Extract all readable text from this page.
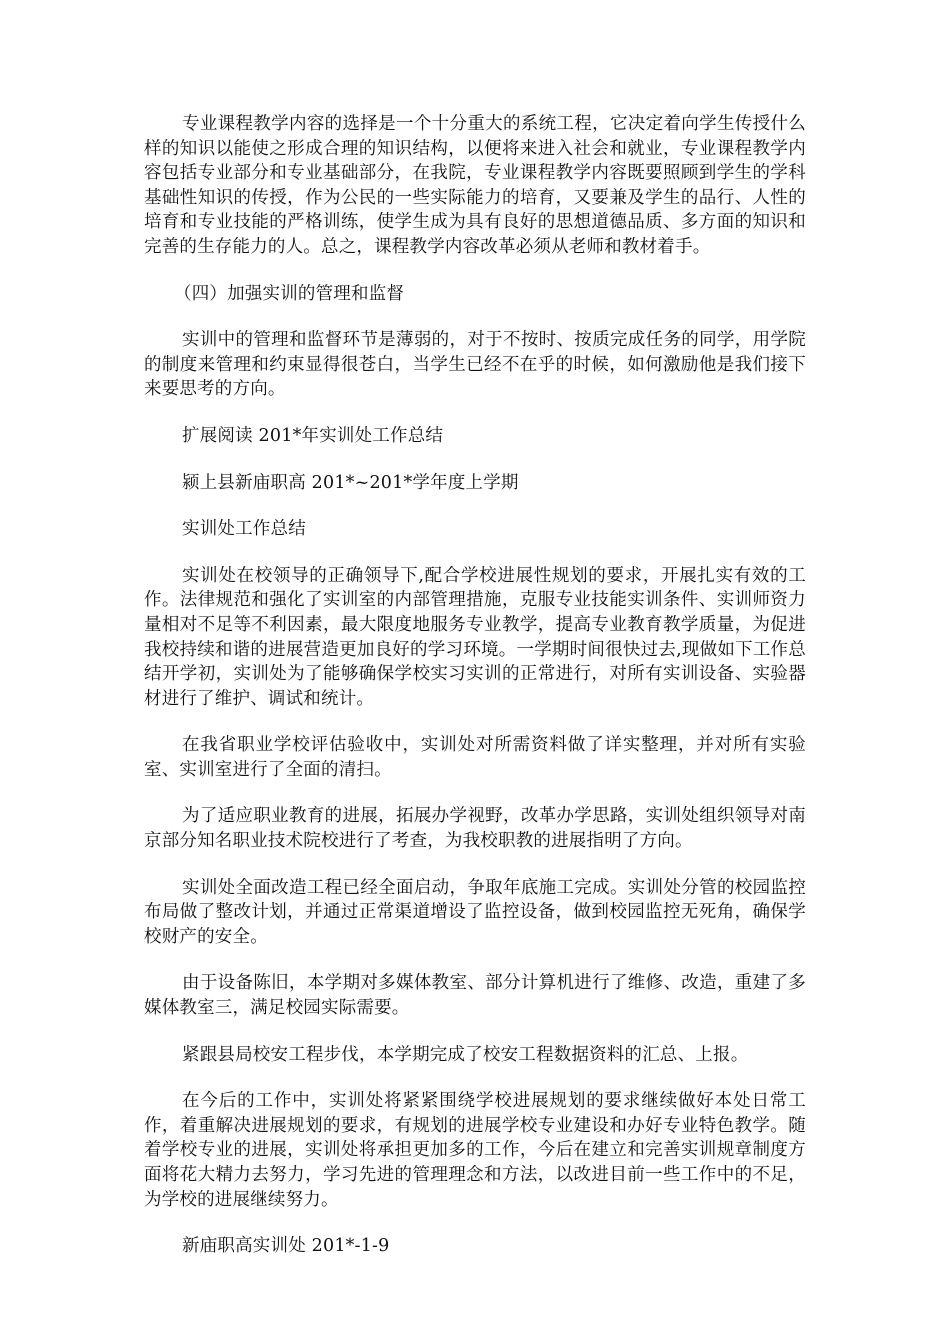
专业课程教学内容的选择是一个十分重大的系统工程，它决定着向学生传授什么样的知识以能使之形成合理的知识结构，以便将来进入社会和就业，专业课程教学内容包括专业部分和专业基础部分，在我院，专业课程教学内容既要照顾到学生的学科基础性知识的传授，作为公民的一些实际能力的培育，又要兼及学生的品行、人性的培育和专业技能的严格训练，使学生成为具有良好的思想道德品质、多方面的知识和完善的生存能力的人。总之，课程教学内容改革必须从老师和教材着手。

（四）加强实训的管理和监督

实训中的管理和监督环节是薄弱的，对于不按时、按质完成任务的同学，用学院的制度来管理和约束显得很苍白，当学生已经不在乎的时候，如何激励他是我们接下来要思考的方向。

扩展阅读 201*年实训处工作总结

颍上县新庙职高 201*~201*学年度上学期

实训处工作总结

实训处在校领导的正确领导下,配合学校进展性规划的要求，开展扎实有效的工作。法律规范和强化了实训室的内部管理措施，克服专业技能实训条件、实训师资力量相对不足等不利因素，最大限度地服务专业教学，提高专业教育教学质量，为促进我校持续和谐的进展营造更加良好的学习环境。一学期时间很快过去,现做如下工作总结开学初，实训处为了能够确保学校实习实训的正常进行，对所有实训设备、实验器材进行了维护、调试和统计。

在我省职业学校评估验收中，实训处对所需资料做了详实整理，并对所有实验室、实训室进行了全面的清扫。

为了适应职业教育的进展，拓展办学视野，改革办学思路，实训处组织领导对南京部分知名职业技术院校进行了考查，为我校职教的进展指明了方向。

实训处全面改造工程已经全面启动，争取年底施工完成。实训处分管的校园监控布局做了整改计划，并通过正常渠道增设了监控设备，做到校园监控无死角，确保学校财产的安全。

由于设备陈旧，本学期对多媒体教室、部分计算机进行了维修、改造，重建了多媒体教室三，满足校园实际需要。

紧跟县局校安工程步伐，本学期完成了校安工程数据资料的汇总、上报。

在今后的工作中，实训处将紧紧围绕学校进展规划的要求继续做好本处日常工作，着重解决进展规划的要求，有规划的进展学校专业建设和办好专业特色教学。随着学校专业的进展，实训处将承担更加多的工作，今后在建立和完善实训规章制度方面将花大精力去努力，学习先进的管理理念和方法，以改进目前一些工作中的不足，为学校的进展继续努力。

新庙职高实训处 201*-1-9
